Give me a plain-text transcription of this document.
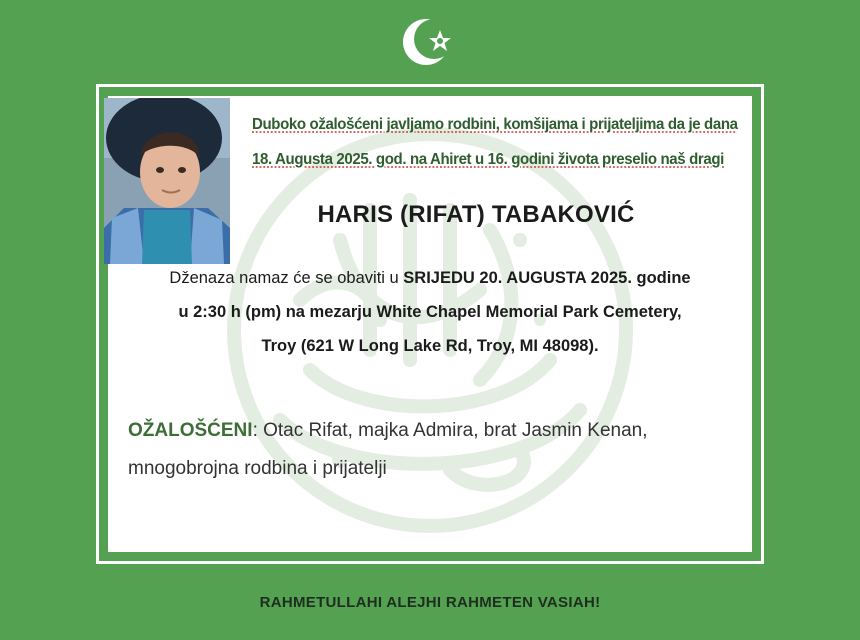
Duboko ožalošćeni javljamo rodbini, komšijama i prijateljima da je dana
18. Augusta 2025. god. na Ahiret u 16. godini života preselio naš dragi
HARIS (RIFAT) TABAKOVIĆ
Dženaza namaz će se obaviti u SRIJEDU 20. AUGUSTA 2025. godine
u 2:30 h (pm) na mezarju White Chapel Memorial Park Cemetery,
Troy (621 W Long Lake Rd, Troy, MI 48098).
OŽALOŠĆENI: Otac Rifat, majka Admira, brat Jasmin Kenan,
mnogobrojna rodbina i prijatelji
RAHMETULLAHI ALEJHI RAHMETEN VASIAH!
